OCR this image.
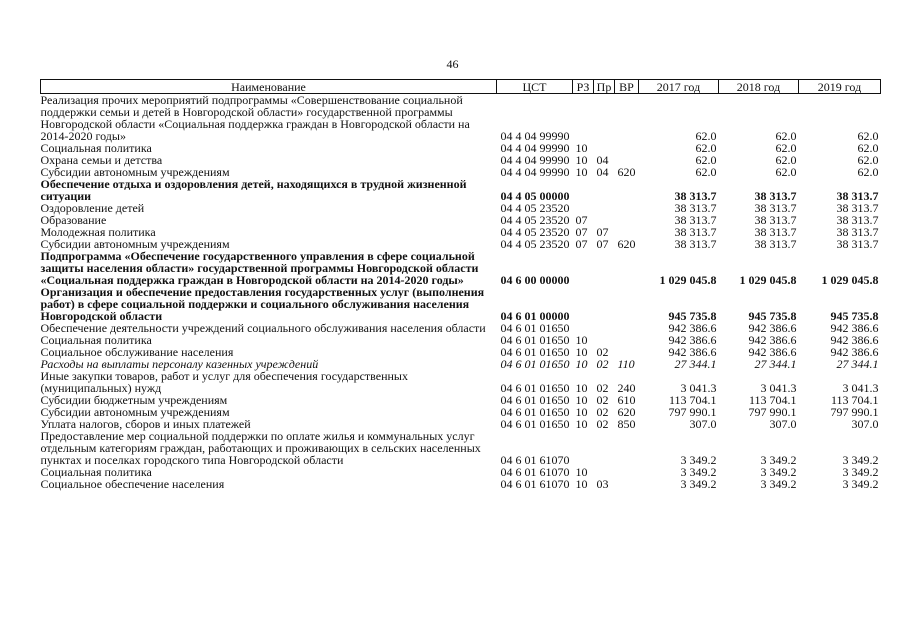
46
Наименование	ЦСТ	РЗ	Пр	ВР	2017 год	2018 год	2019 год
Реализация прочих мероприятий подпрограммы «Совершенствование социальной поддержки семьи и детей в Новгородской области» государственной программы Новгородской области «Социальная поддержка граждан в Новгородской области на 2014-2020 годы»	04 4 04 99990				62.0	62.0	62.0
Социальная политика	04 4 04 99990	10			62.0	62.0	62.0
Охрана семьи и детства	04 4 04 99990	10	04		62.0	62.0	62.0
Субсидии автономным учреждениям	04 4 04 99990	10	04	620	62.0	62.0	62.0
Обеспечение отдыха и оздоровления детей, находящихся в трудной жизненной ситуации	04 4 05 00000				38 313.7	38 313.7	38 313.7
Оздоровление детей	04 4 05 23520				38 313.7	38 313.7	38 313.7
Образование	04 4 05 23520	07			38 313.7	38 313.7	38 313.7
Молодежная политика	04 4 05 23520	07	07		38 313.7	38 313.7	38 313.7
Субсидии автономным учреждениям	04 4 05 23520	07	07	620	38 313.7	38 313.7	38 313.7
Подпрограмма «Обеспечение государственного управления в сфере социальной защиты населения области» государственной программы Новгородской области «Социальная поддержка граждан в Новгородской области на 2014-2020 годы»	04 6 00 00000				1 029 045.8	1 029 045.8	1 029 045.8
Организация и обеспечение предоставления государственных услуг (выполнения работ) в сфере социальной поддержки и социального обслуживания населения Новгородской области	04 6 01 00000				945 735.8	945 735.8	945 735.8
Обеспечение деятельности учреждений социального обслуживания населения области	04 6 01 01650				942 386.6	942 386.6	942 386.6
Социальная политика	04 6 01 01650	10			942 386.6	942 386.6	942 386.6
Социальное обслуживание населения	04 6 01 01650	10	02		942 386.6	942 386.6	942 386.6
Расходы на выплаты персоналу казенных учреждений	04 6 01 01650	10	02	110	27 344.1	27 344.1	27 344.1
Иные закупки товаров, работ и услуг для обеспечения государственных (муниципальных) нужд	04 6 01 01650	10	02	240	3 041.3	3 041.3	3 041.3
Субсидии бюджетным учреждениям	04 6 01 01650	10	02	610	113 704.1	113 704.1	113 704.1
Субсидии автономным учреждениям	04 6 01 01650	10	02	620	797 990.1	797 990.1	797 990.1
Уплата налогов, сборов и иных платежей	04 6 01 01650	10	02	850	307.0	307.0	307.0
Предоставление мер социальной поддержки по оплате жилья и коммунальных услуг отдельным категориям граждан, работающих и проживающих в сельских населенных пунктах и поселках городского типа Новгородской области	04 6 01 61070				3 349.2	3 349.2	3 349.2
Социальная политика	04 6 01 61070	10			3 349.2	3 349.2	3 349.2
Социальное обеспечение населения	04 6 01 61070	10	03		3 349.2	3 349.2	3 349.2
